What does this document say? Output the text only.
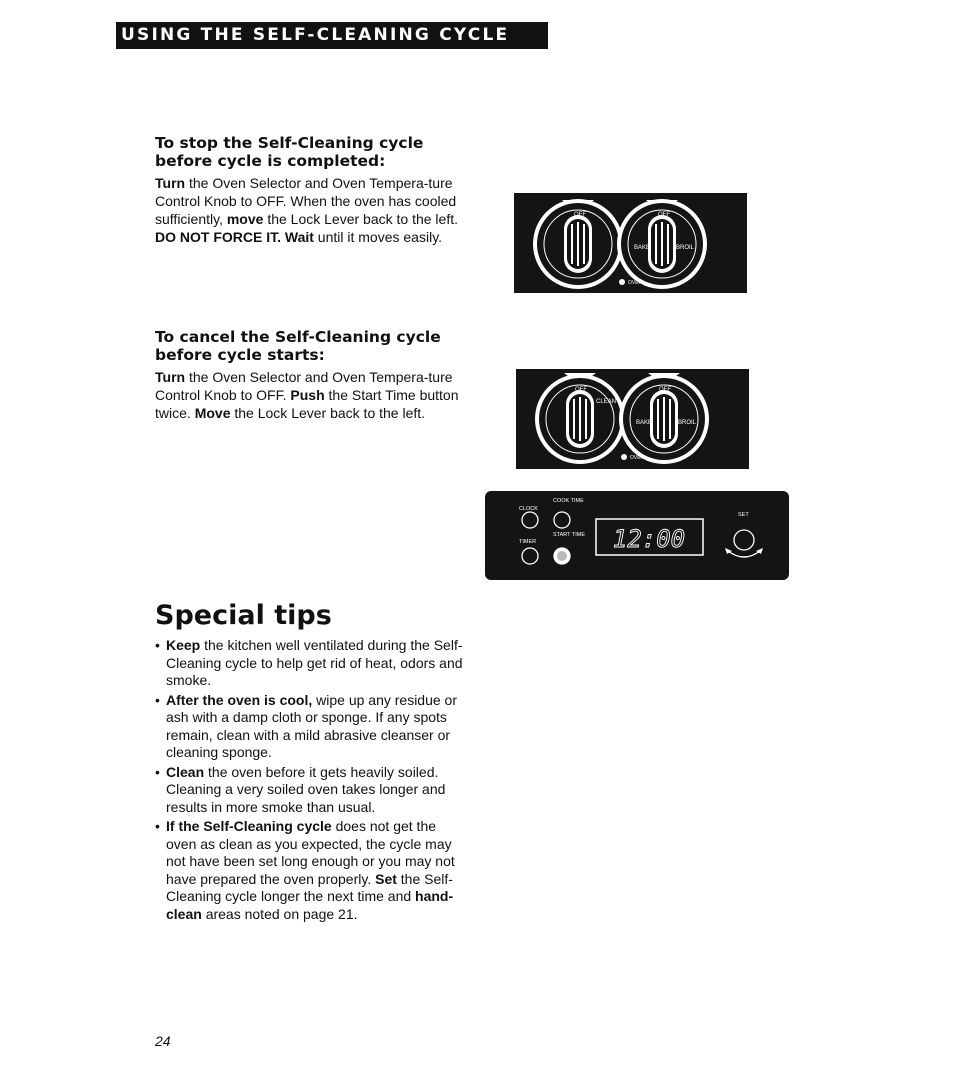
USING THE SELF-CLEANING CYCLE
To stop the Self-Cleaning cycle before cycle is completed:

Turn the Oven Selector and Oven Tempera-ture Control Knob to OFF. When the oven has cooled sufficiently, move the Lock Lever back to the left. DO NOT FORCE IT. Wait until it moves easily.

To cancel the Self-Cleaning cycle before cycle starts:

Turn the Oven Selector and Oven Tempera-ture Control Knob to OFF. Push the Start Time button twice. Move the Lock Lever back to the left.

OFF	OFF
BAKE	BROIL
OVEN
OFF
CLEAN
OFF
BAKE	BROIL
OVEN
CLOCK
COOK TIME
START TIME
TIMER	12:00
SET
Special tips
• Keep the kitchen well ventilated during the Self-Cleaning cycle to help get rid of heat, odors and smoke.
• After the oven is cool, wipe up any residue or ash with a damp cloth or sponge. If any spots remain, clean with a mild abrasive cleanser or cleaning sponge.
• Clean the oven before it gets heavily soiled. Cleaning a very soiled oven takes longer and results in more smoke than usual.
• If the Self-Cleaning cycle does not get the oven as clean as you expected, the cycle may not have been set long enough or you may not have prepared the oven properly. Set the Self-Cleaning cycle longer the next time and hand-clean areas noted on page 21.
24
